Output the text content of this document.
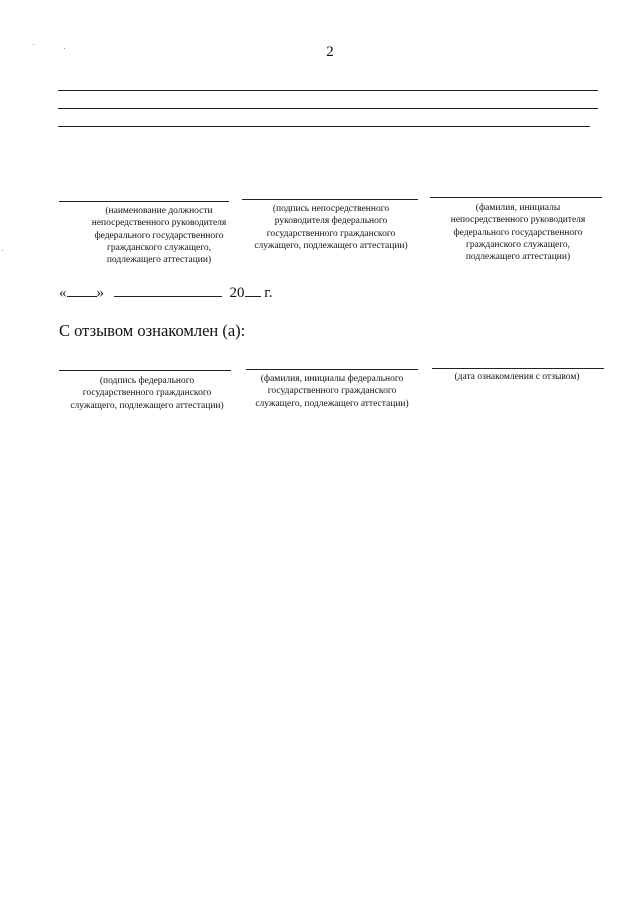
2
(наименование должности
непосредственного руководителя
федерального государственного
гражданского служащего,
подлежащего аттестации)
(подпись непосредственного
руководителя федерального
государственного гражданского
служащего, подлежащего аттестации)
(фамилия, инициалы
непосредственного руководителя
федерального государственного
гражданского служащего,
подлежащего аттестации)
« »	20 г.
С отзывом ознакомлен (а):
(подпись федерального
государственного гражданского
служащего, подлежащего аттестации)
(фамилия, инициалы федерального
государственного гражданского
служащего, подлежащего аттестации)
(дата ознакомления с отзывом)
